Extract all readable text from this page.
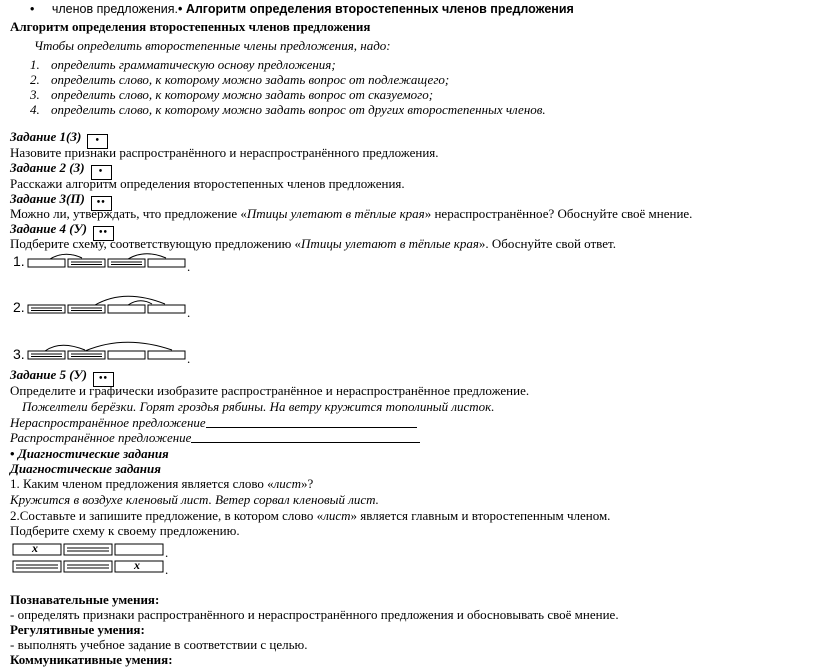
• членов предложения.• Алгоритм определения второстепенных членов предложения
Алгоритм определения второстепенных членов предложения
Чтобы определить второстепенные члены предложения, надо:
1. определить грамматическую основу предложения;
2. определить слово, к которому можно задать вопрос от подлежащего;
3. определить слово, к которому можно задать вопрос от сказуемого;
4. определить слово, к которому можно задать вопрос от других второстепенных членов.
Задание 1(З) •
Назовите признаки распространённого и нераспространённого предложения.
Задание 2 (З) •
Расскажи алгоритм определения второстепенных членов предложения.
Задание 3(П) ••
Можно ли, утверждать, что предложение «Птицы улетают в тёплые края» нераспространённое? Обоснуйте своё мнение.
Задание 4 (У) ••
Подберите схему, соответствующую предложению «Птицы улетают в тёплые края». Обоснуйте свой ответ.
1.
2.
3.
.
.
.
x
x
.
.
Задание 5 (У) ••
Определите и графически изобразите распространённое и нераспространённое предложение.
Пожелтели берёзки. Горят гроздья рябины. На ветру кружится тополиный листок.
Нераспространённое предложение
Распространённое предложение
• Диагностические задания
Диагностические задания
1. Каким членом предложения является слово «лист»?
Кружится в воздухе кленовый лист. Ветер сорвал кленовый лист.
2.Составьте и запишите предложение, в котором слово «лист» является главным и второстепенным членом.
Подберите схему к своему предложению.
Познавательные умения:
- определять признаки распространённого и нераспространённого предложения и обосновывать своё мнение.
Регулятивные умения:
- выполнять учебное задание в соответствии с целью.
Коммуникативные умения:
